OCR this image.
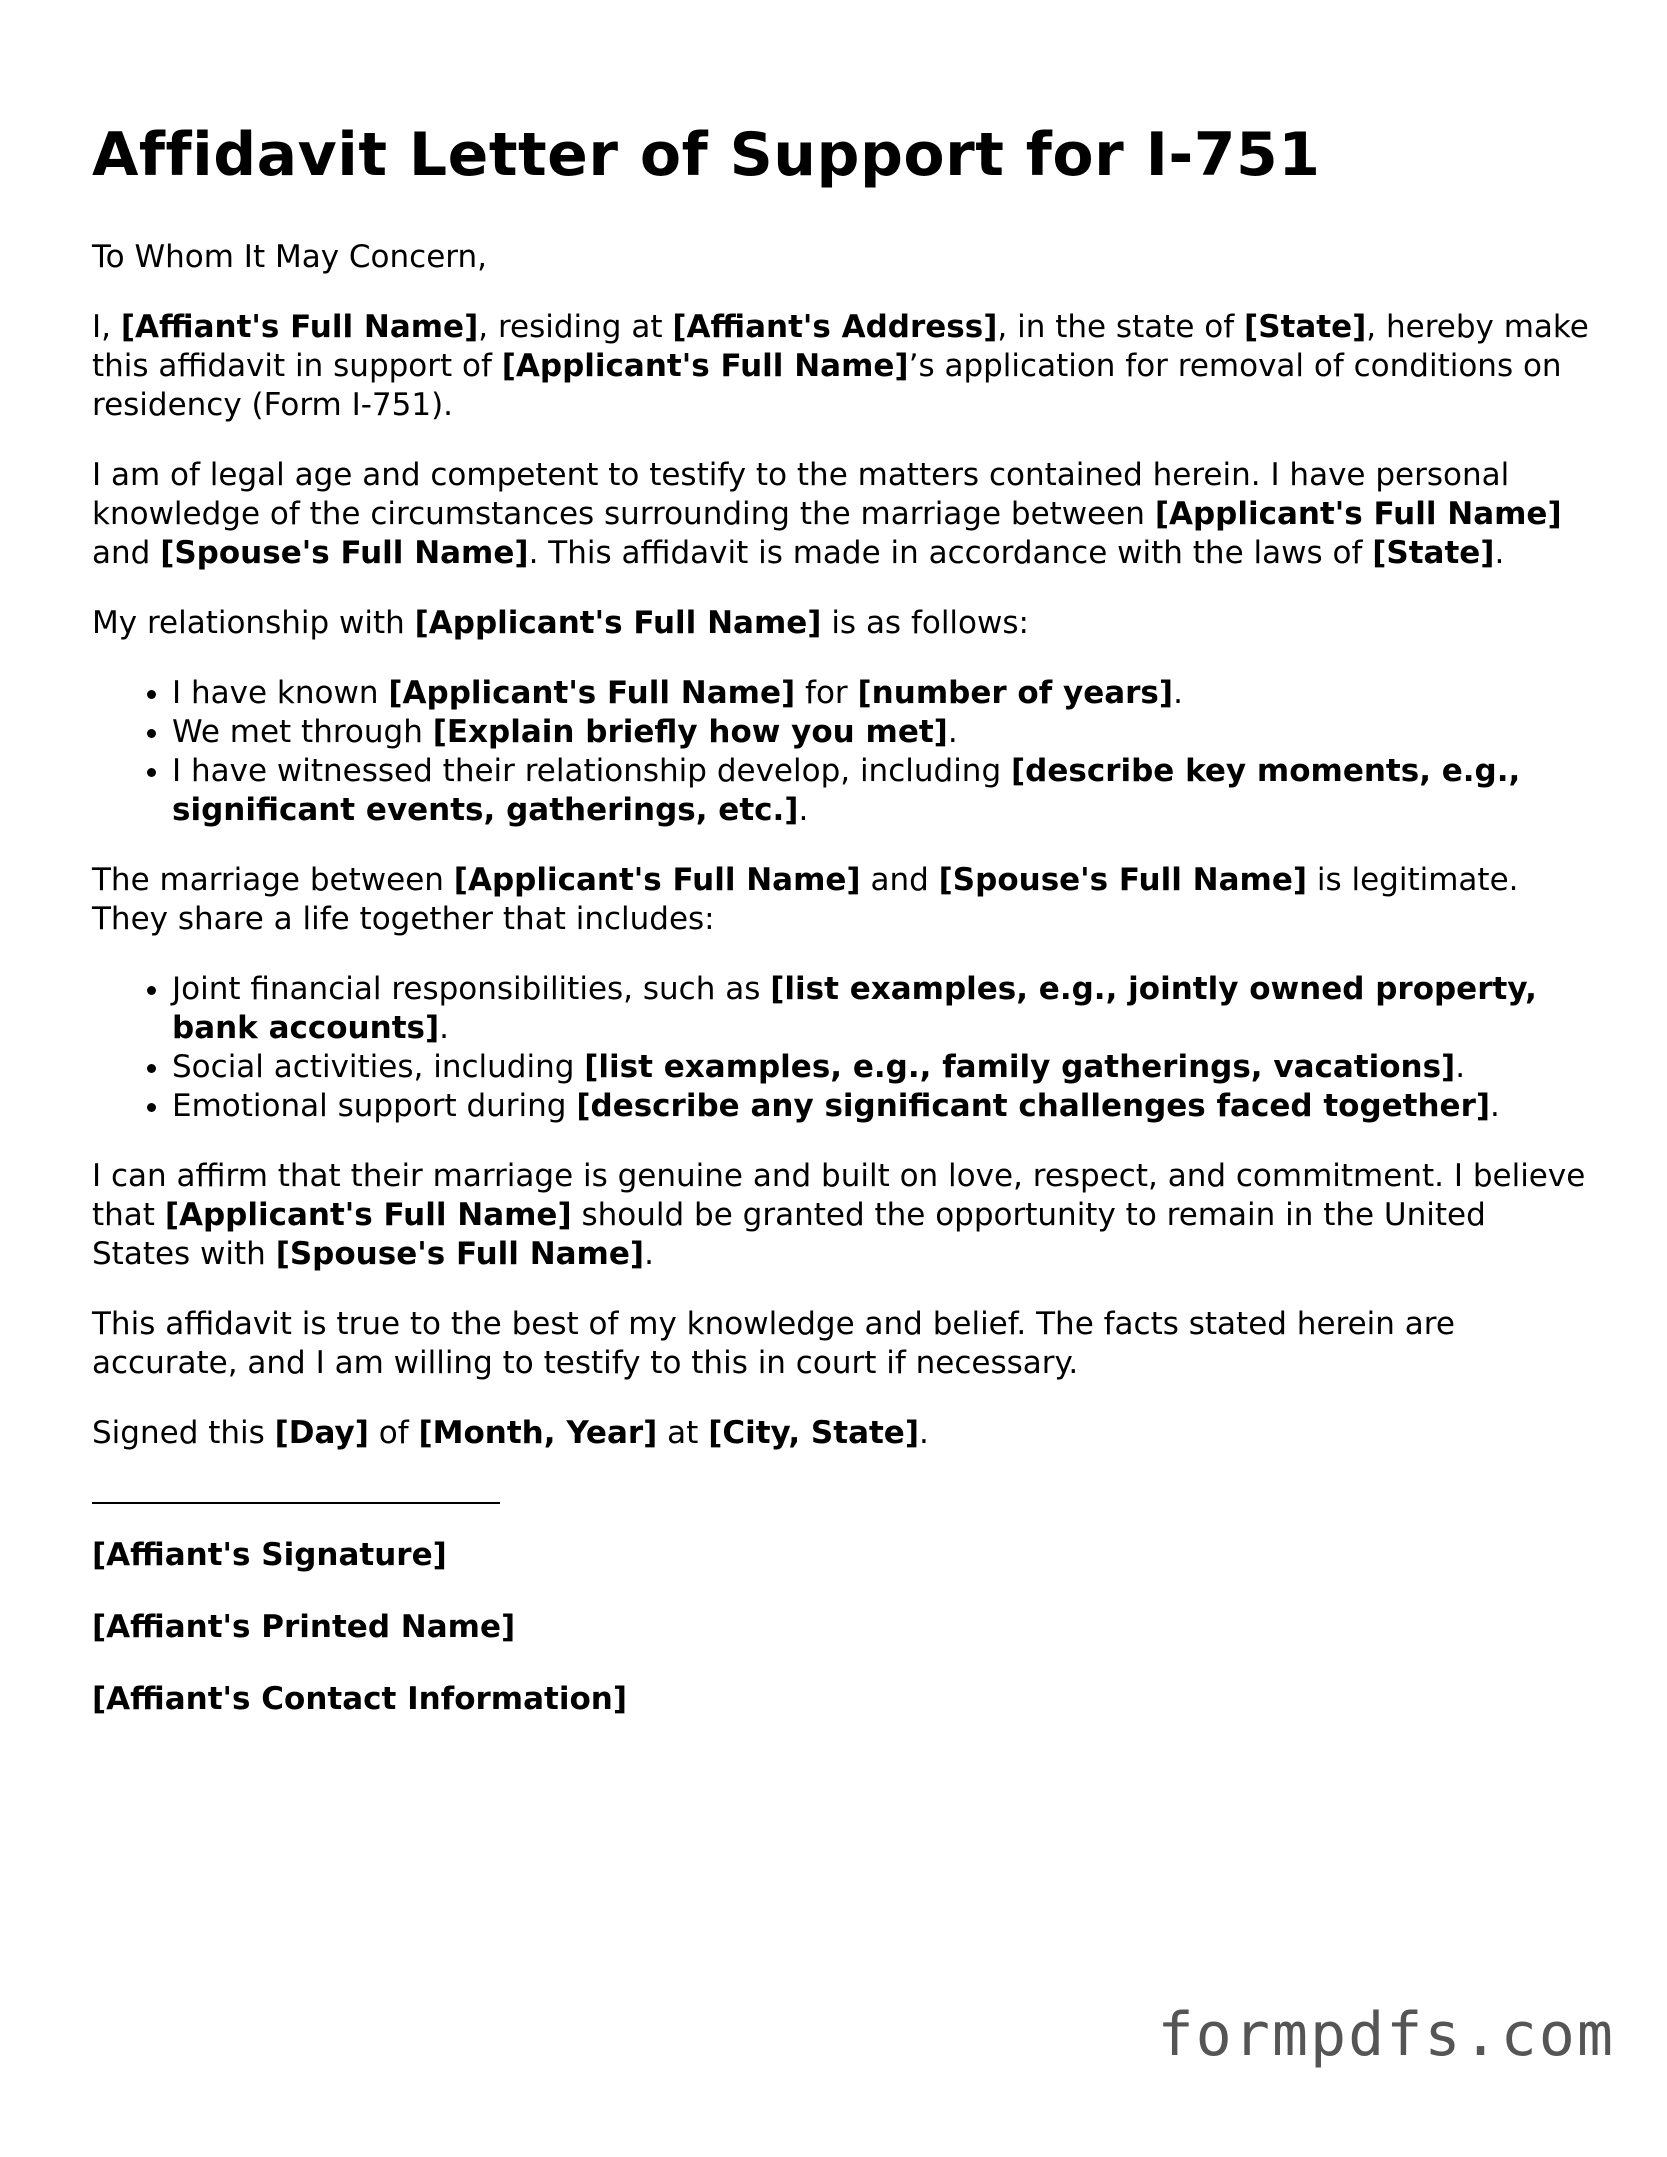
Affidavit Letter of Support for I-751

To Whom It May Concern,

I, [Affiant's Full Name], residing at [Affiant's Address], in the state of [State], hereby make this affidavit in support of [Applicant's Full Name]’s application for removal of conditions on residency (Form I-751).

I am of legal age and competent to testify to the matters contained herein. I have personal knowledge of the circumstances surrounding the marriage between [Applicant's Full Name] and [Spouse's Full Name]. This affidavit is made in accordance with the laws of [State].

My relationship with [Applicant's Full Name] is as follows:

• I have known [Applicant's Full Name] for [number of years].
• We met through [Explain briefly how you met].
• I have witnessed their relationship develop, including [describe key moments, e.g., significant events, gatherings, etc.].

The marriage between [Applicant's Full Name] and [Spouse's Full Name] is legitimate. They share a life together that includes:

• Joint financial responsibilities, such as [list examples, e.g., jointly owned property, bank accounts].
• Social activities, including [list examples, e.g., family gatherings, vacations].
• Emotional support during [describe any significant challenges faced together].

I can affirm that their marriage is genuine and built on love, respect, and commitment. I believe that [Applicant's Full Name] should be granted the opportunity to remain in the United States with [Spouse's Full Name].

This affidavit is true to the best of my knowledge and belief. The facts stated herein are accurate, and I am willing to testify to this in court if necessary.

Signed this [Day] of [Month, Year] at [City, State].

[Affiant's Signature]

[Affiant's Printed Name]

[Affiant's Contact Information]

formpdfs.com
